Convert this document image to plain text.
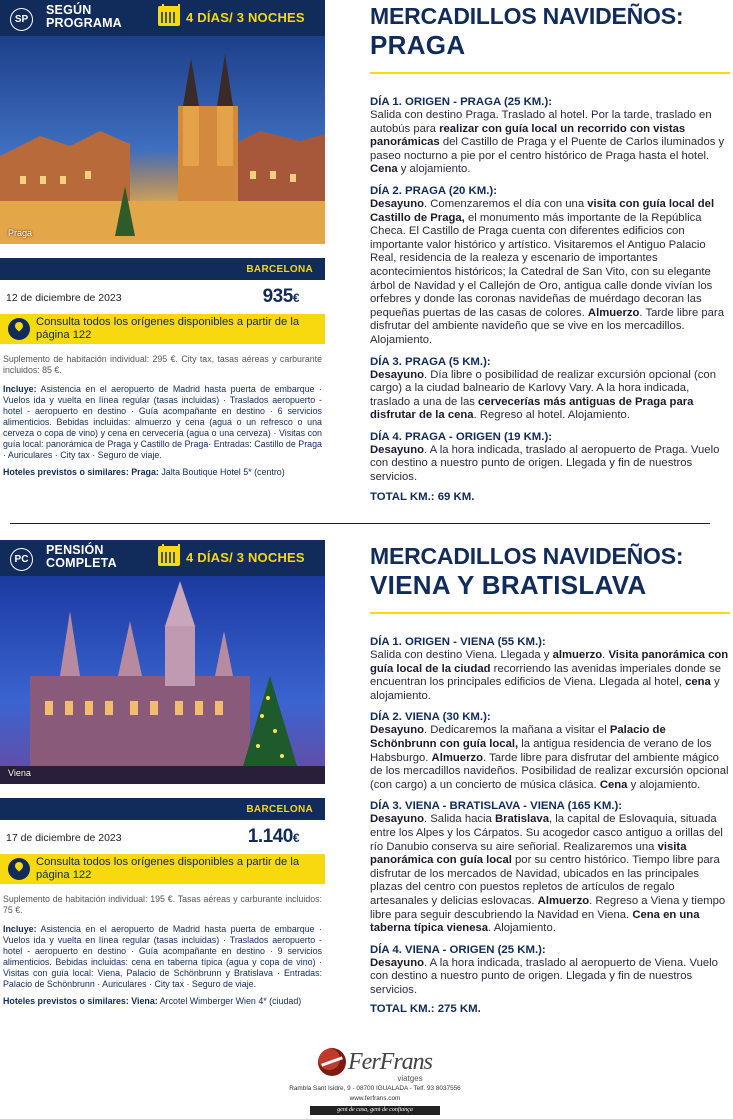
SP
SEGÚN
PROGRAMA	4 DÍAS/ 3 NOCHES
Praga
BARCELONA
12 de diciembre de 2023	935€
Consulta todos los orígenes disponibles a partir de la página 122

Suplemento de habitación individual: 295 €. City tax, tasas aéreas y carburante incluidos: 85 €.

Incluye: Asistencia en el aeropuerto de Madrid hasta puerta de embarque · Vuelos ida y vuelta en línea regular (tasas incluidas) · Traslados aeropuerto - hotel - aeropuerto en destino · Guía acompañante en destino · 6 servicios alimenticios. Bebidas incluidas: almuerzo y cena (agua o un refresco o una cerveza o copa de vino) y cena en cervecería (agua o una cerveza) · Visitas con guía local: panorámica de Praga y Castillo de Praga· Entradas: Castillo de Praga · Auriculares · City tax · Seguro de viaje.

Hoteles previstos o similares: Praga: Jalta Boutique Hotel 5* (centro)

MERCADILLOS NAVIDEÑOS:
PRAGA
DÍA 1. ORIGEN - PRAGA (25 KM.):
Salida con destino Praga. Traslado al hotel. Por la tarde, traslado en autobús para realizar con guía local un recorrido con vistas panorámicas del Castillo de Praga y el Puente de Carlos iluminados y paseo nocturno a pie por el centro histórico de Praga hasta el hotel. Cena y alojamiento.
DÍA 2. PRAGA (20 KM.):
Desayuno. Comenzaremos el día con una visita con guía local del Castillo de Praga, el monumento más importante de la República Checa. El Castillo de Praga cuenta con diferentes edificios con importante valor histórico y artístico. Visitaremos el Antiguo Palacio Real, residencia de la realeza y escenario de importantes acontecimientos históricos; la Catedral de San Vito, con su elegante árbol de Navidad y el Callejón de Oro, antigua calle donde vivían los orfebres y donde las coronas navideñas de muérdago decoran las pequeñas puertas de las casas de colores. Almuerzo. Tarde libre para disfrutar del ambiente navideño que se vive en los mercadillos. Alojamiento.
DÍA 3. PRAGA (5 KM.):
Desayuno. Día libre o posibilidad de realizar excursión opcional (con cargo) a la ciudad balneario de Karlovy Vary. A la hora indicada, traslado a una de las cervecerías más antiguas de Praga para disfrutar de la cena. Regreso al hotel. Alojamiento.
DÍA 4. PRAGA - ORIGEN (19 KM.):
Desayuno. A la hora indicada, traslado al aeropuerto de Praga. Vuelo con destino a nuestro punto de origen. Llegada y fin de nuestros servicios.
TOTAL KM.: 69 KM.
PC
PENSIÓN
COMPLETA	4 DÍAS/ 3 NOCHES
Viena
BARCELONA
17 de diciembre de 2023	1.140€
Consulta todos los orígenes disponibles a partir de la página 122

Suplemento de habitación individual: 195 €. Tasas aéreas y carburante incluidos: 75 €.

Incluye: Asistencia en el aeropuerto de Madrid hasta puerta de embarque · Vuelos ida y vuelta en línea regular (tasas incluidas) · Traslados aeropuerto - hotel - aeropuerto en destino · Guía acompañante en destino · 9 servicios alimenticios. Bebidas incluidas: cena en taberna típica (agua y copa de vino) · Visitas con guía local: Viena, Palacio de Schönbrunn y Bratislava · Entradas: Palacio de Schönbrunn · Auriculares · City tax · Seguro de viaje.

Hoteles previstos o similares: Viena: Arcotel Wimberger Wien 4* (ciudad)

MERCADILLOS NAVIDEÑOS:
VIENA Y BRATISLAVA
DÍA 1. ORIGEN - VIENA (55 KM.):
Salida con destino Viena. Llegada y almuerzo. Visita panorámica con guía local de la ciudad recorriendo las avenidas imperiales donde se encuentran los principales edificios de Viena. Llegada al hotel, cena y alojamiento.
DÍA 2. VIENA (30 KM.):
Desayuno. Dedicaremos la mañana a visitar el Palacio de Schönbrunn con guía local, la antigua residencia de verano de los Habsburgo. Almuerzo. Tarde libre para disfrutar del ambiente mágico de los mercadillos navideños. Posibilidad de realizar excursión opcional (con cargo) a un concierto de música clásica. Cena y alojamiento.
DÍA 3. VIENA - BRATISLAVA - VIENA (165 KM.):
Desayuno. Salida hacia Bratislava, la capital de Eslovaquia, situada entre los Alpes y los Cárpatos. Su acogedor casco antiguo a orillas del río Danubio conserva su aire señorial. Realizaremos una visita panorámica con guía local por su centro histórico. Tiempo libre para disfrutar de los mercados de Navidad, ubicados en las principales plazas del centro con puestos repletos de artículos de regalo artesanales y delicias eslovacas. Almuerzo. Regreso a Viena y tiempo libre para seguir descubriendo la Navidad en Viena. Cena en una taberna típica vienesa. Alojamiento.
DÍA 4. VIENA - ORIGEN (25 KM.):
Desayuno. A la hora indicada, traslado al aeropuerto de Viena. Vuelo con destino a nuestro punto de origen. Llegada y fin de nuestros servicios.
TOTAL KM.: 275 KM.
FerFrans
viatges
Rambla Sant Isidre, 9 - 08700 IGUALADA - Telf. 93 8037556
www.ferfrans.com
gent de casa, gent de confiança
